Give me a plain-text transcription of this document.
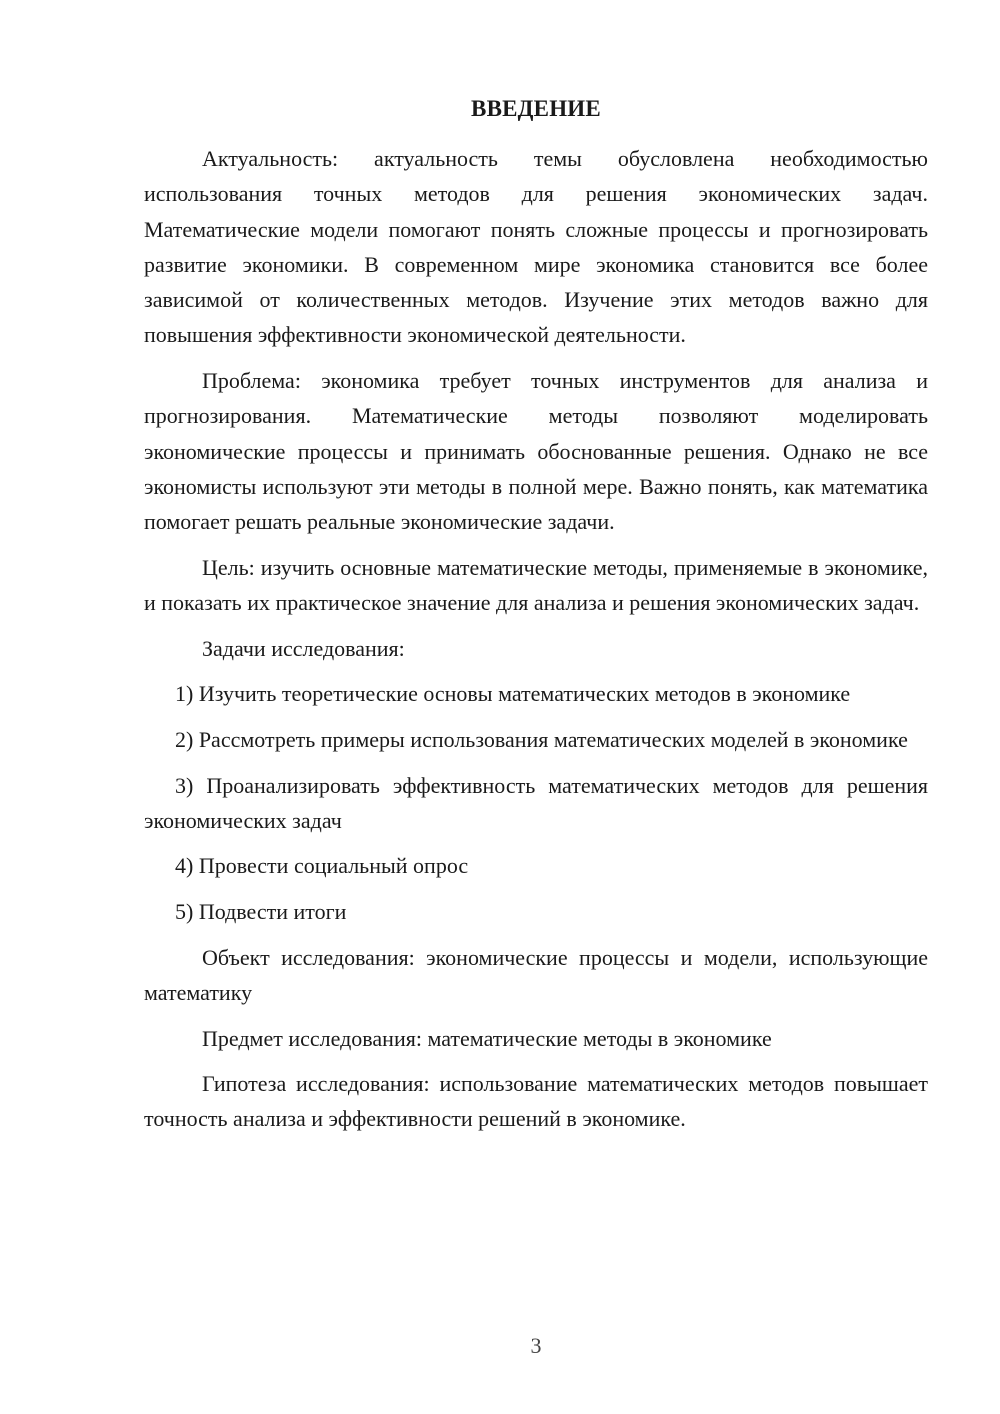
ВВЕДЕНИЕ

Актуальность: актуальность темы обусловлена необходимостью использования точных методов для решения экономических задач. Математические модели помогают понять сложные процессы и прогнозировать развитие экономики. В современном мире экономика становится все более зависимой от количественных методов. Изучение этих методов важно для повышения эффективности экономической деятельности.

Проблема: экономика требует точных инструментов для анализа и прогнозирования. Математические методы позволяют моделировать экономические процессы и принимать обоснованные решения. Однако не все экономисты используют эти методы в полной мере. Важно понять, как математика помогает решать реальные экономические задачи.

Цель: изучить основные математические методы, применяемые в экономике, и показать их практическое значение для анализа и решения экономических задач.

Задачи исследования:

1) Изучить теоретические основы математических методов в экономике

2) Рассмотреть примеры использования математических моделей в экономике

3) Проанализировать эффективность математических методов для решения экономических задач

4) Провести социальный опрос

5) Подвести итоги

Объект исследования: экономические процессы и модели, использующие математику

Предмет исследования: математические методы в экономике

Гипотеза исследования: использование математических методов повышает точность анализа и эффективности решений в экономике.

3
